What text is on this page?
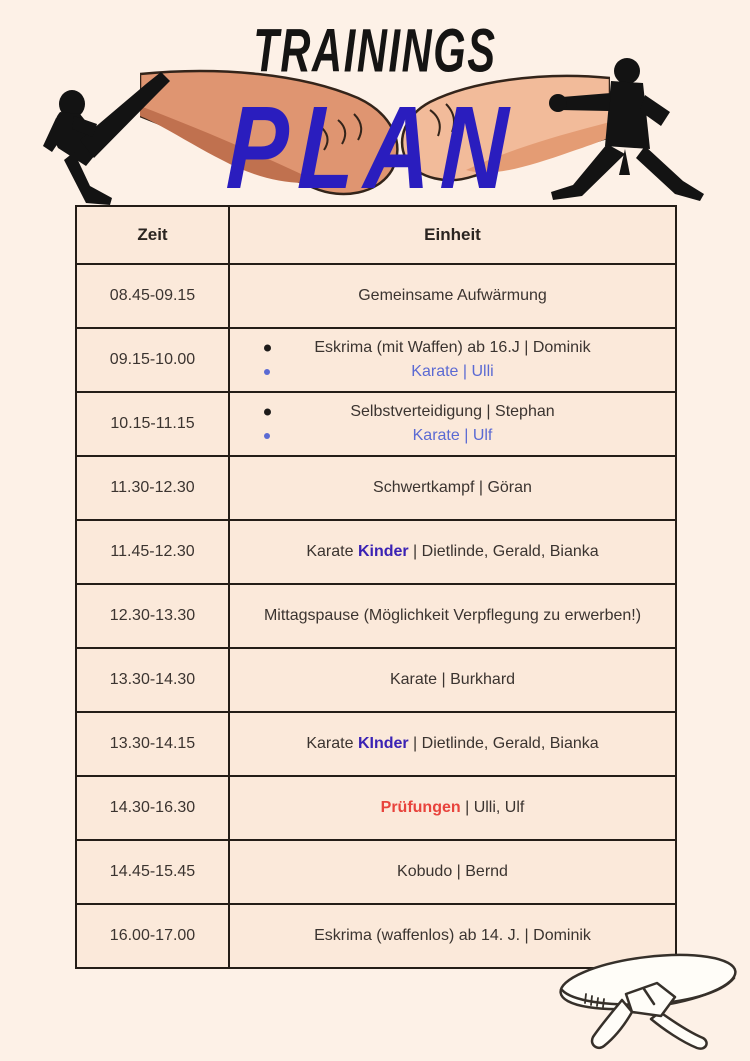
TRAININGS
PLAN
Zeit	Einheit
08.45-09.15	Gemeinsame Aufwärmung

09.15-10.00	Eskrima (mit Waffen) ab 16.J | Dominik
Karate | Ulli

10.15-11.15	Selbstverteidigung | Stephan
Karate | Ulf

11.30-12.30	Schwertkampf | Göran

11.45-12.30	Karate Kinder | Dietlinde, Gerald, Bianka

12.30-13.30	Mittagspause (Möglichkeit Verpflegung zu erwerben!)

13.30-14.30	Karate | Burkhard

13.30-14.15	Karate KInder | Dietlinde, Gerald, Bianka

14.30-16.30	Prüfungen | Ulli, Ulf

14.45-15.45	Kobudo | Bernd

16.00-17.00	Eskrima (waffenlos) ab 14. J. | Dominik
